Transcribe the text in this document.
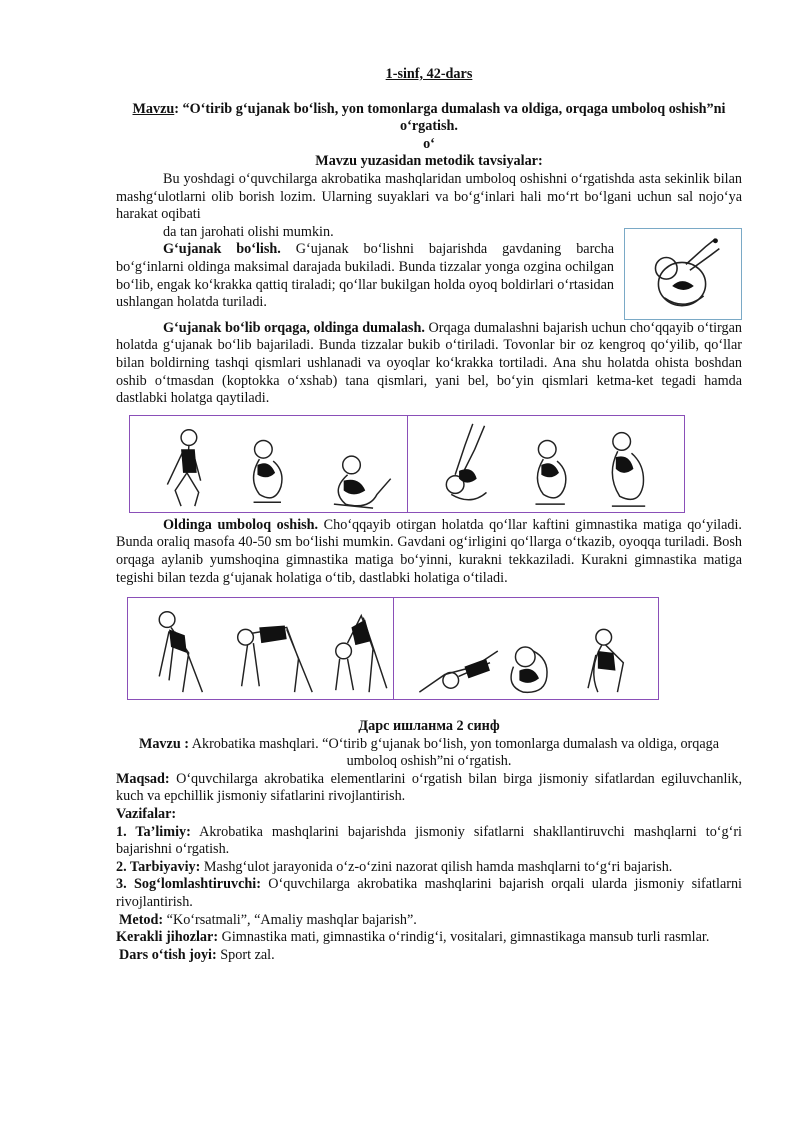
1-sinf, 42-dars
Mavzu: “O‘tirib g‘ujanak bo‘lish, yon tomonlarga dumalash va oldiga, orqaga umboloq oshish”ni o‘rgatish.
o‘
Mavzu yuzasidan metodik tavsiyalar:

Bu yoshdagi o‘quvchilarga akrobatika mashqlaridan umboloq oshishni o‘rgatishda asta sekinlik bilan mashg‘ulotlarni olib borish lozim. Ularning suyaklari va bo‘g‘inlari hali mo‘rt bo‘lgani uchun sal nojo‘ya harakat oqibati

da tan jarohati olishi mumkin.

G‘ujanak bo‘lish. G‘ujanak bo‘lishni bajarishda gavdaning barcha bo‘g‘inlarni oldinga maksimal darajada bukiladi. Bunda tizzalar yonga ozgina ochilgan bo‘lib, engak ko‘krakka qattiq tiraladi; qo‘llar bukilgan holda oyoq boldirlari o‘rtasidan ushlangan holatda turiladi.

G‘ujanak bo‘lib orqaga, oldinga dumalash. Orqaga dumalashni bajarish uchun cho‘qqayib o‘tirgan holatda g‘ujanak bo‘lib bajariladi. Bunda tizzalar bukib o‘tiriladi. Tovonlar bir oz kengroq qo‘yilib, qo‘llar bilan boldirning tashqi qismlari ushlanadi va oyoqlar ko‘krakka tortiladi. Ana shu holatda ohista boshdan oshib o‘tmasdan (koptokka o‘xshab) tana qismlari, yani bel, bo‘yin qismlari ketma-ket tegadi hamda dastlabki holatga qaytiladi.

Oldinga umboloq oshish. Cho‘qqayib otirgan holatda qo‘llar kaftini gimnastika matiga qo‘yiladi. Bunda oraliq masofa 40-50 sm bo‘lishi mumkin. Gavdani og‘irligini qo‘llarga o‘tkazib, oyoqqa turiladi. Bosh orqaga aylanib yumshoqina gimnastika matiga bo‘yinni, kurakni tekkaziladi. Kurakni gimnastika matiga tegishi bilan tezda g‘ujanak holatiga o‘tib, dastlabki holatiga o‘tiladi.

Дарс ишланма 2 синф

Mavzu : Akrobatika mashqlari. “O‘tirib g‘ujanak bo‘lish, yon tomonlarga dumalash va oldiga, orqaga umboloq oshish”ni o‘rgatish.

Maqsad: O‘quvchilarga akrobatika elementlarini o‘rgatish bilan birga jismoniy sifatlardan egiluvchanlik, kuch va epchillik jismoniy sifatlarini rivojlantirish.

Vazifalar:

1. Ta’limiy: Akrobatika mashqlarini bajarishda jismoniy sifatlarni shakllantiruvchi mashqlarni to‘g‘ri bajarishni o‘rgatish.

2. Tarbiyaviy: Mashg‘ulot jarayonida o‘z-o‘zini nazorat qilish hamda mashqlarni to‘g‘ri bajarish.

3. Sog‘lomlashtiruvchi: O‘quvchilarga akrobatika mashqlarini bajarish orqali ularda jismoniy sifatlarni rivojlantirish.

Metod: “Ko‘rsatmali”, “Amaliy mashqlar bajarish”.

Kerakli jihozlar: Gimnastika mati, gimnastika o‘rindig‘i, vositalari, gimnastikaga mansub turli rasmlar.

Dars o‘tish joyi: Sport zal.
